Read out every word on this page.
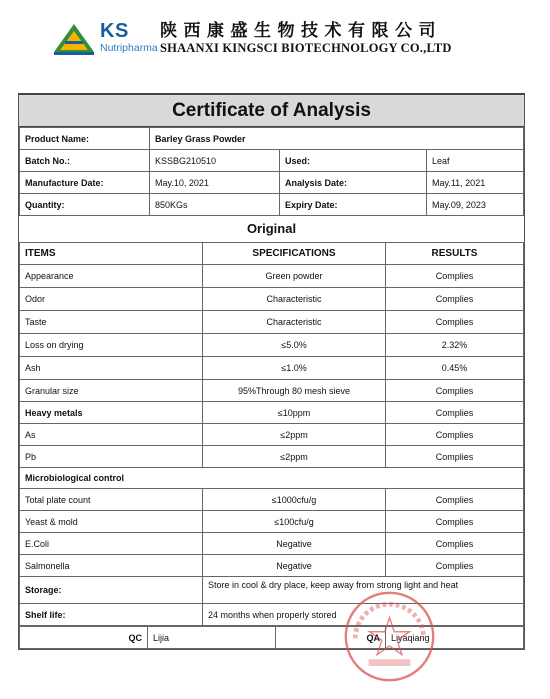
KS
Nutripharma
陕西康盛生物技术有限公司
SHAANXI KINGSCI BIOTECHNOLOGY CO.,LTD
Certificate of Analysis
Product Name:	Barley Grass Powder		
Batch No.:	KSSBG210510	Used:	Leaf
Manufacture Date:	May.10, 2021	Analysis Date:	May.11, 2021
Quantity:	850KGs	Expiry Date:	May.09, 2023
Original
ITEMS	SPECIFICATIONS	RESULTS
Appearance	Green powder	Complies
Odor	Characteristic	Complies
Taste	Characteristic	Complies
Loss on drying	≤5.0%	2.32%
Ash	≤1.0%	0.45%
Granular size	95%Through 80 mesh sieve	Complies
Heavy metals	≤10ppm	Complies
As	≤2ppm	Complies
Pb	≤2ppm	Complies
Microbiological control		
Total plate count	≤1000cfu/g	Complies
Yeast & mold	≤100cfu/g	Complies
E.Coli	Negative	Complies
Salmonella	Negative	Complies
Storage:	Store in cool & dry place, keep away from strong light and heat	
Shelf life:	24 months when properly stored	
QC	Lijia	QA	Liyaqiang
